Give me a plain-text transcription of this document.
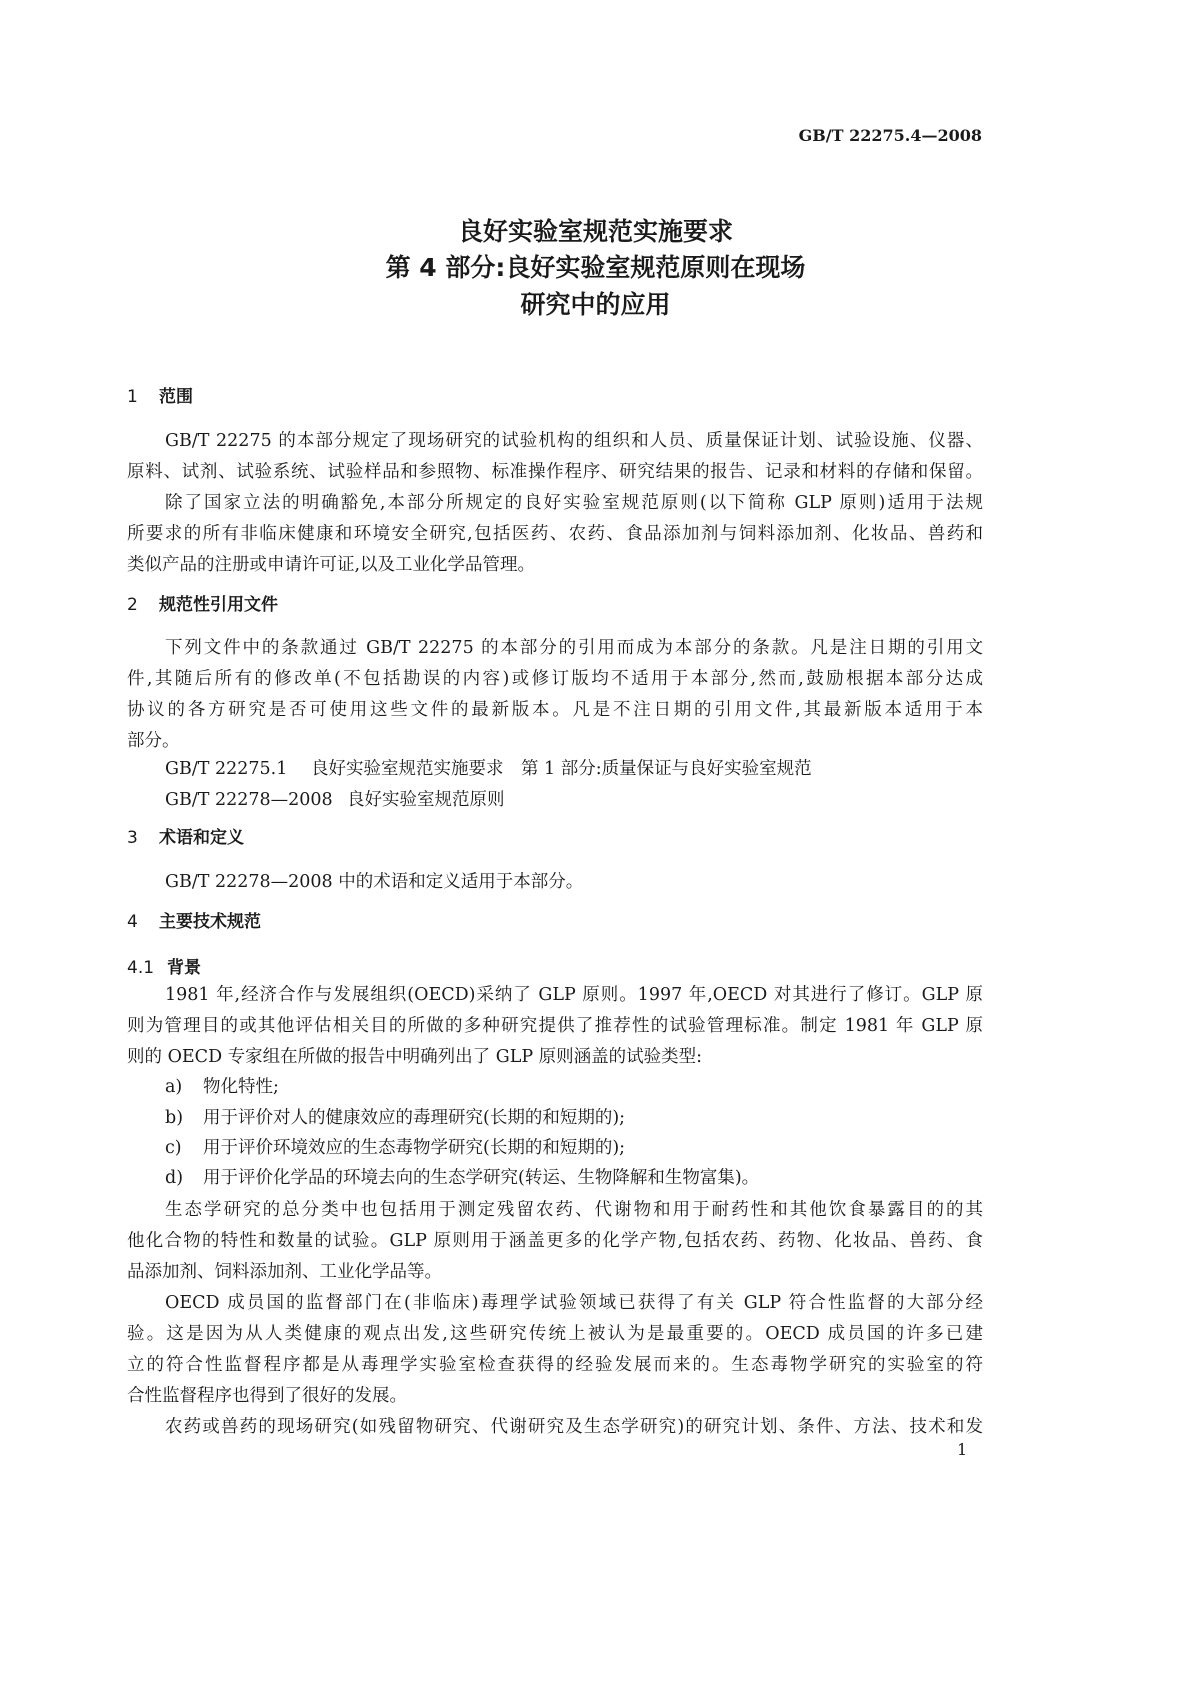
GB/T 22275.4—2008
良好实验室规范实施要求
第 4 部分:良好实验室规范原则在现场
研究中的应用
1 范围
GB/T 22275 的本部分规定了现场研究的试验机构的组织和人员、质量保证计划、试验设施、仪器、
原料、试剂、试验系统、试验样品和参照物、标准操作程序、研究结果的报告、记录和材料的存储和保留。
除了国家立法的明确豁免,本部分所规定的良好实验室规范原则(以下简称 GLP 原则)适用于法规
所要求的所有非临床健康和环境安全研究,包括医药、农药、食品添加剂与饲料添加剂、化妆品、兽药和
类似产品的注册或申请许可证,以及工业化学品管理。
2 规范性引用文件
下列文件中的条款通过 GB/T 22275 的本部分的引用而成为本部分的条款。凡是注日期的引用文
件,其随后所有的修改单(不包括勘误的内容)或修订版均不适用于本部分,然而,鼓励根据本部分达成
协议的各方研究是否可使用这些文件的最新版本。凡是不注日期的引用文件,其最新版本适用于本
部分。
GB/T 22275.1 良好实验室规范实施要求　第 1 部分:质量保证与良好实验室规范
GB/T 22278—2008 良好实验室规范原则
3 术语和定义
GB/T 22278—2008 中的术语和定义适用于本部分。
4 主要技术规范
4.1 背景
1981 年,经济合作与发展组织(OECD)采纳了 GLP 原则。1997 年,OECD 对其进行了修订。GLP 原
则为管理目的或其他评估相关目的所做的多种研究提供了推荐性的试验管理标准。制定 1981 年 GLP 原
则的 OECD 专家组在所做的报告中明确列出了 GLP 原则涵盖的试验类型:
a) 物化特性;
b) 用于评价对人的健康效应的毒理研究(长期的和短期的);
c) 用于评价环境效应的生态毒物学研究(长期的和短期的);
d) 用于评价化学品的环境去向的生态学研究(转运、生物降解和生物富集)。
生态学研究的总分类中也包括用于测定残留农药、代谢物和用于耐药性和其他饮食暴露目的的其
他化合物的特性和数量的试验。GLP 原则用于涵盖更多的化学产物,包括农药、药物、化妆品、兽药、食
品添加剂、饲料添加剂、工业化学品等。
OECD 成员国的监督部门在(非临床)毒理学试验领域已获得了有关 GLP 符合性监督的大部分经
验。这是因为从人类健康的观点出发,这些研究传统上被认为是最重要的。OECD 成员国的许多已建
立的符合性监督程序都是从毒理学实验室检查获得的经验发展而来的。生态毒物学研究的实验室的符
合性监督程序也得到了很好的发展。
农药或兽药的现场研究(如残留物研究、代谢研究及生态学研究)的研究计划、条件、方法、技术和发
1
